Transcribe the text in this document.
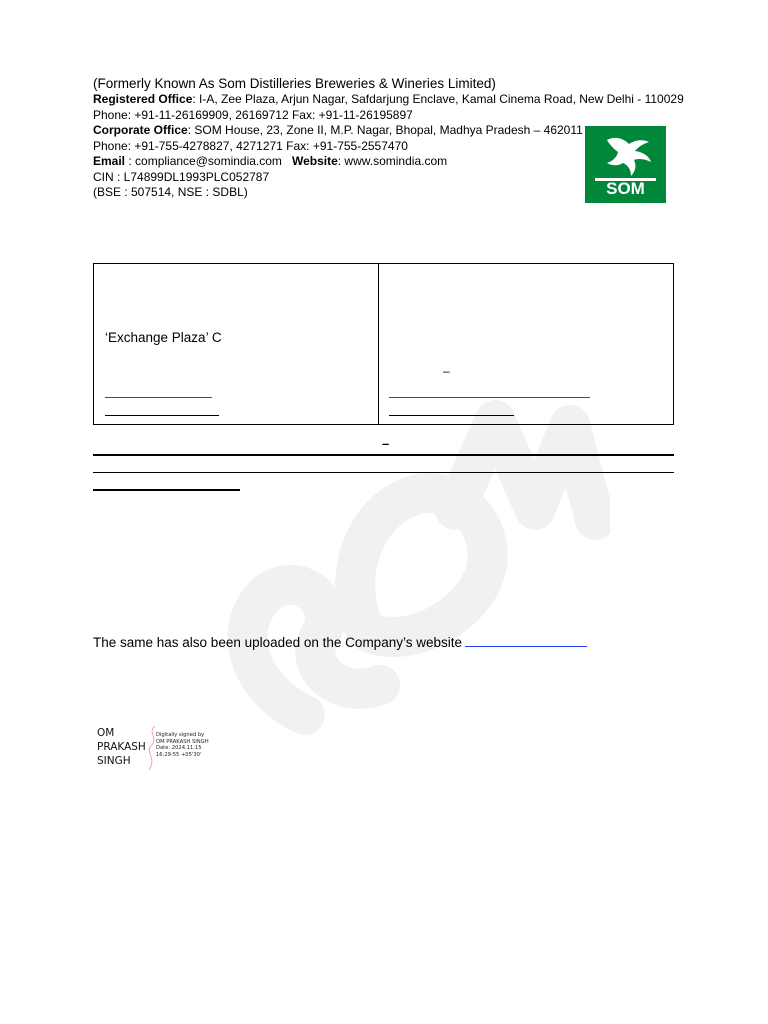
(Formerly Known As Som Distilleries Breweries & Wineries Limited)
Registered Office: I-A, Zee Plaza, Arjun Nagar, Safdarjung Enclave, Kamal Cinema Road, New Delhi - 110029
Phone: +91-11-26169909, 26169712 Fax: +91-11-26195897
Corporate Office: SOM House, 23, Zone II, M.P. Nagar, Bhopal, Madhya Pradesh – 462011
Phone: +91-755-4278827, 4271271 Fax: +91-755-2557470
Email : compliance@somindia.com Website: www.somindia.com
CIN : L74899DL1993PLC052787
(BSE : 507514, NSE : SDBL)	SOM
‘Exchange Plaza’ C
–
–
The same has also been uploaded on the Company’s website
OM
PRAKASH
SINGH
Digitally signed by
OM PRAKASH SINGH
Date: 2024.11.15
16:29:55 +05'30'
